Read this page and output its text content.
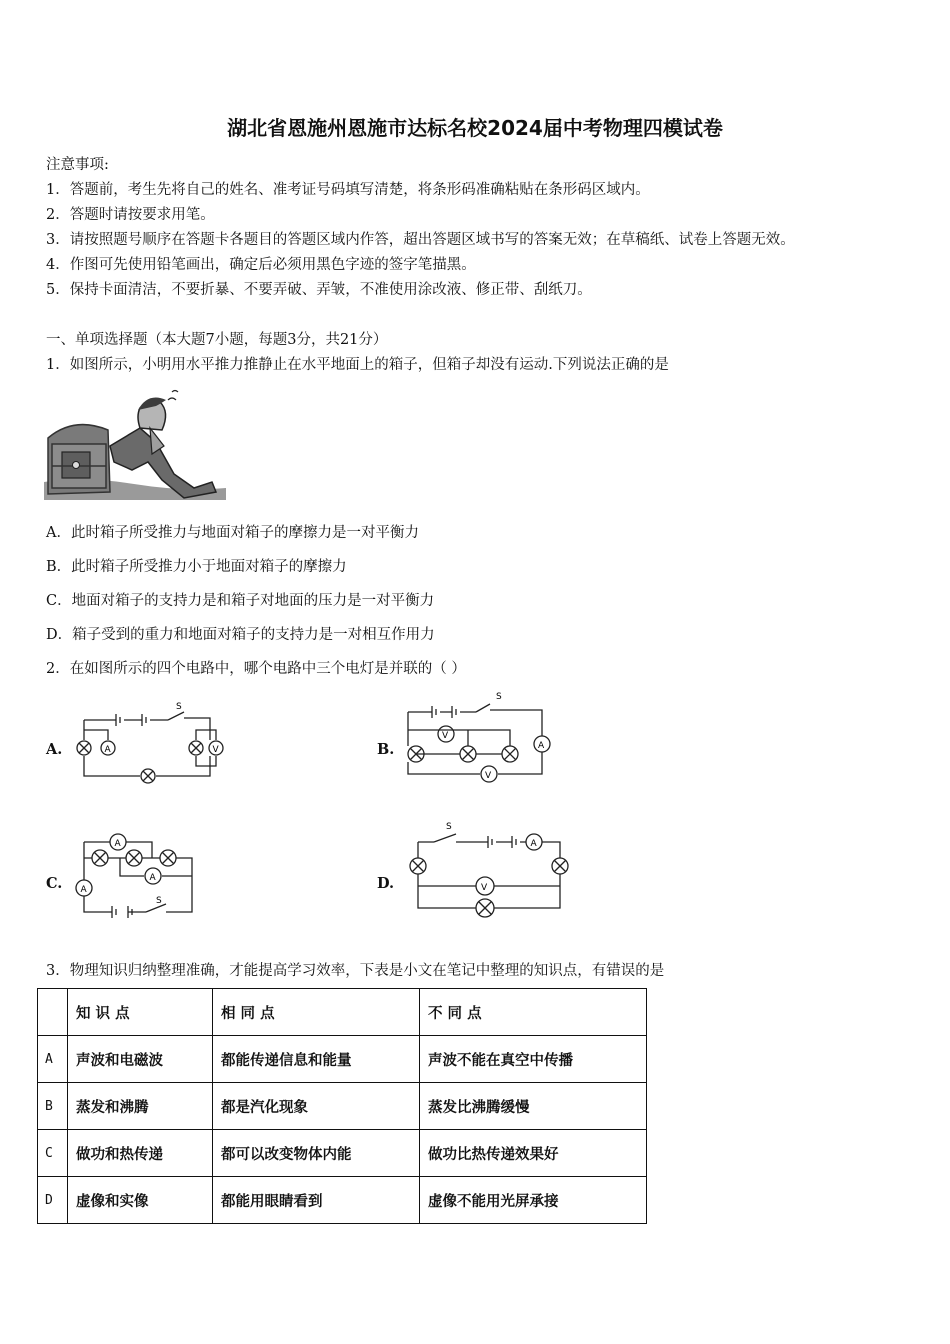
湖北省恩施州恩施市达标名校2024届中考物理四模试卷
注意事项:
1．答题前，考生先将自己的姓名、准考证号码填写清楚，将条形码准确粘贴在条形码区域内。
2．答题时请按要求用笔。
3．请按照题号顺序在答题卡各题目的答题区域内作答，超出答题区域书写的答案无效；在草稿纸、试卷上答题无效。
4．作图可先使用铅笔画出，确定后必须用黑色字迹的签字笔描黑。
5．保持卡面清洁，不要折暴、不要弄破、弄皱，不准使用涂改液、修正带、刮纸刀。
一、单项选择题（本大题7小题，每题3分，共21分）
1．如图所示，小明用水平推力推静止在水平地面上的箱子，但箱子却没有运动.下列说法正确的是
A．此时箱子所受推力与地面对箱子的摩擦力是一对平衡力
B．此时箱子所受推力小于地面对箱子的摩擦力
C．地面对箱子的支持力是和箱子对地面的压力是一对平衡力
D．箱子受到的重力和地面对箱子的支持力是一对相互作用力
2．在如图所示的四个电路中，哪个电路中三个电灯是并联的（ ）
A.	B.
C.	D.
A	V
S
V
V
A
S
A
A
A
S
A
V
S
3．物理知识归纳整理准确，才能提高学习效率，下表是小文在笔记中整理的知识点，有错误的是
	知 识 点	相 同 点	不 同 点
A	声波和电磁波	都能传递信息和能量	声波不能在真空中传播
B	蒸发和沸腾	都是汽化现象	蒸发比沸腾缓慢
C	做功和热传递	都可以改变物体内能	做功比热传递效果好
D	虚像和实像	都能用眼睛看到	虚像不能用光屏承接
